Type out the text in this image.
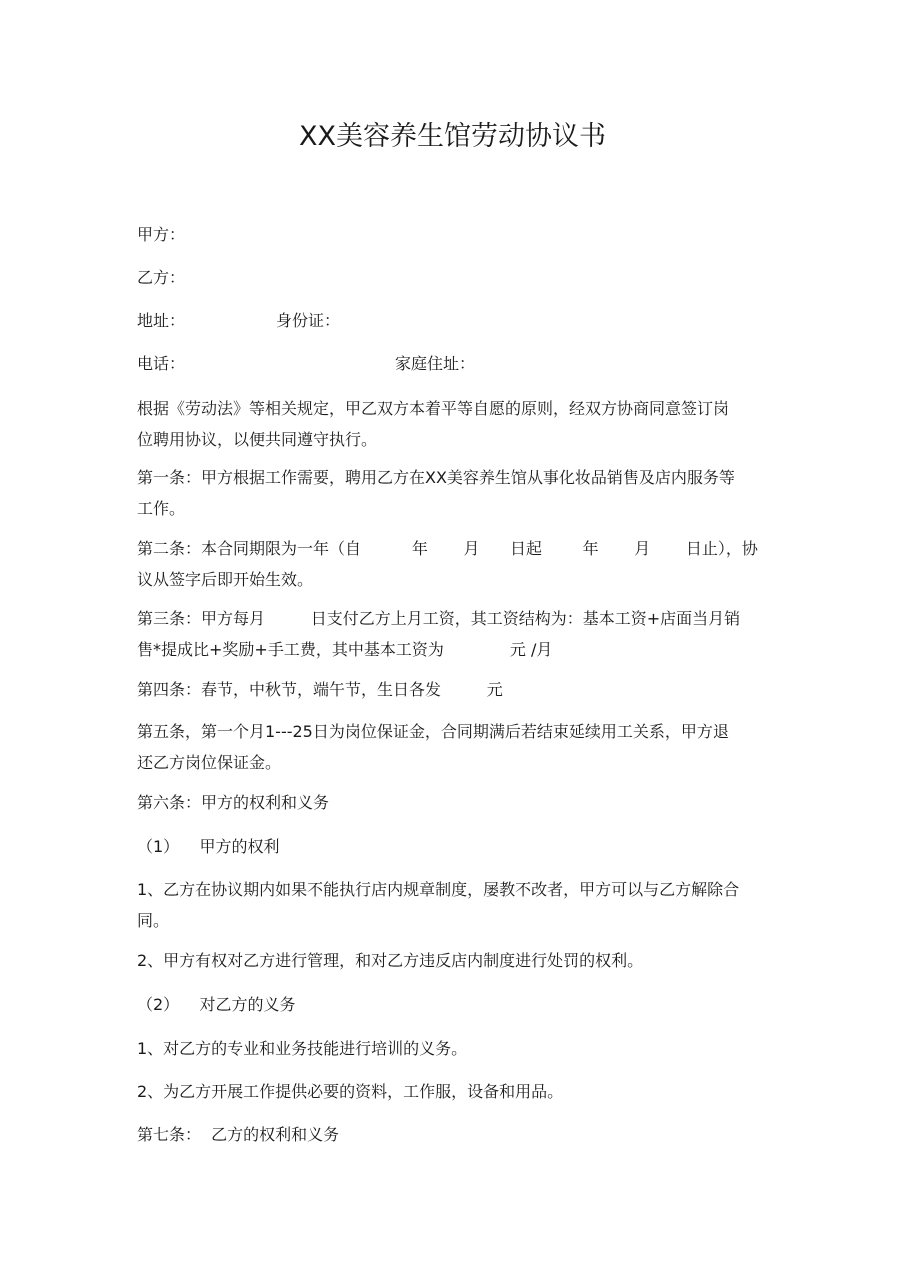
XX美容养生馆劳动协议书
甲方：
乙方：
地址：	身份证：
电话：	家庭住址：
根据《劳动法》等相关规定，甲乙双方本着平等自愿的原则，经双方协商同意签订岗
位聘用协议，以便共同遵守执行。
第一条：甲方根据工作需要，聘用乙方在XX美容养生馆从事化妆品销售及店内服务等
工作。
第二条：本合同期限为一年（自          年       月      日起        年       月       日止），协
议从签字后即开始生效。
第三条：甲方每月         日支付乙方上月工资，其工资结构为：基本工资+店面当月销
售*提成比+奖励+手工费，其中基本工资为             元 /月
第四条：春节，中秋节，端午节，生日各发         元
第五条，第一个月1---25日为岗位保证金，合同期满后若结束延续用工关系，甲方退
还乙方岗位保证金。
第六条：甲方的权利和义务
（1）    甲方的权利
1、乙方在协议期内如果不能执行店内规章制度，屡教不改者，甲方可以与乙方解除合
同。
2、甲方有权对乙方进行管理，和对乙方违反店内制度进行处罚的权利。
（2）    对乙方的义务
1、对乙方的专业和业务技能进行培训的义务。
2、为乙方开展工作提供必要的资料，工作服，设备和用品。
第七条：  乙方的权利和义务
